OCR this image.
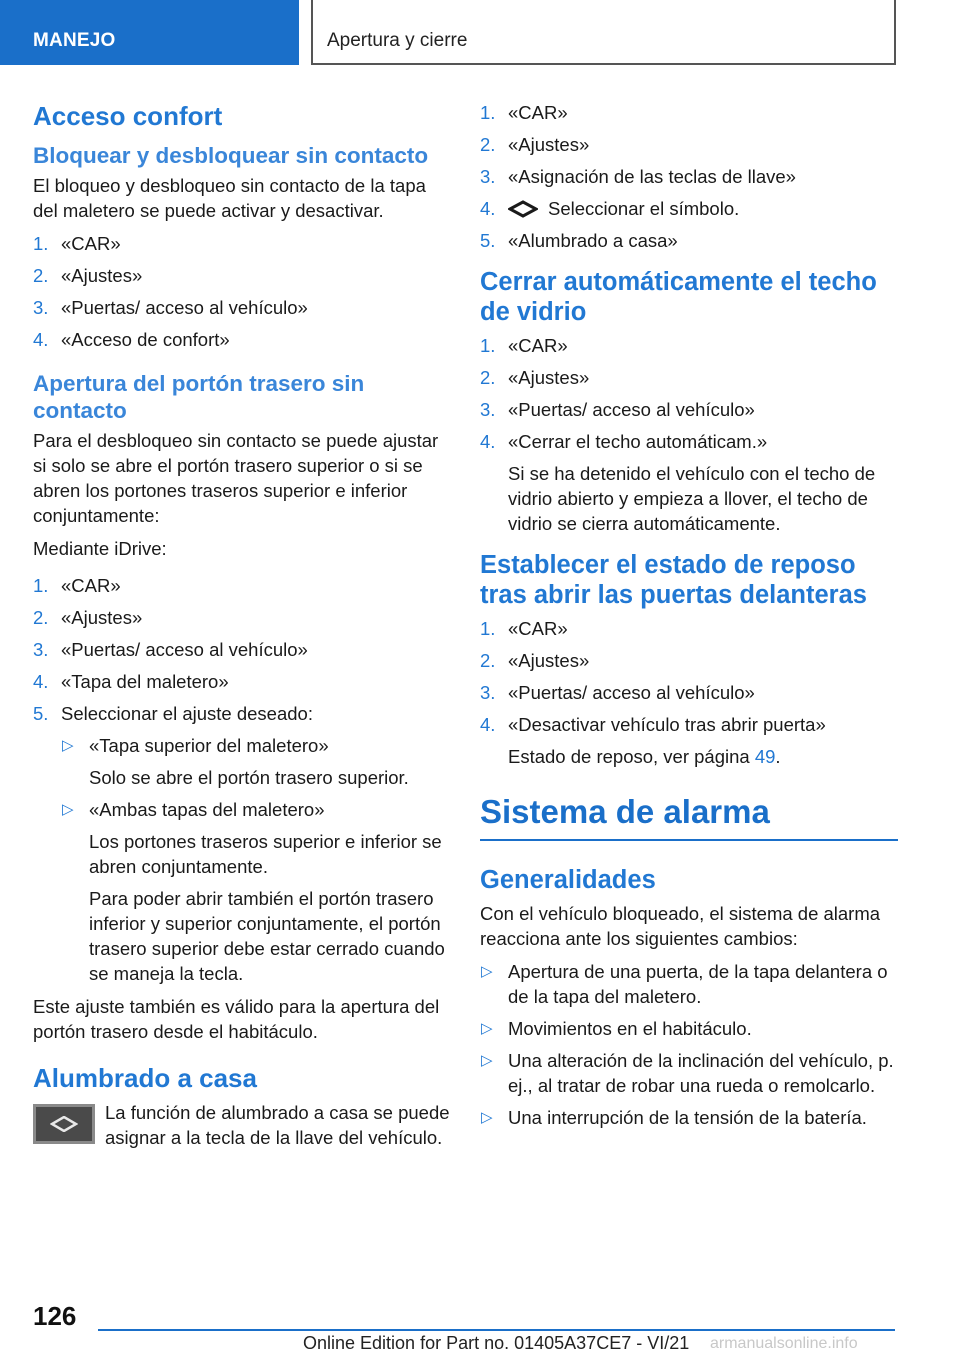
MANEJO	Apertura y cierre
Acceso confort
Bloquear y desbloquear sin contacto

El bloqueo y desbloqueo sin contacto de la tapa del maletero se puede activar y desactivar.

1. «CAR»
2. «Ajustes»
3. «Puertas/ acceso al vehículo»
4. «Acceso de confort»
Apertura del portón trasero sin contacto

Para el desbloqueo sin contacto se puede ajustar si solo se abre el portón trasero superior o si se abren los portones traseros superior e inferior conjuntamente:

Mediante iDrive:

1. «CAR»
2. «Ajustes»
3. «Puertas/ acceso al vehículo»
4. «Tapa del maletero»
5. Seleccionar el ajuste deseado:
▷ «Tapa superior del maletero»
Solo se abre el portón trasero superior.
▷ «Ambas tapas del maletero»
Los portones traseros superior e inferior se abren conjuntamente.
Para poder abrir también el portón trasero inferior y superior conjuntamente, el portón trasero superior debe estar cerrado cuando se maneja la tecla.

Este ajuste también es válido para la apertura del portón trasero desde el habitáculo.

Alumbrado a casa

La función de alumbrado a casa se puede asignar a la tecla de la llave del vehículo.

1. «CAR»
2. «Ajustes»
3. «Asignación de las teclas de llave»
4.	Seleccionar el símbolo.
5. «Alumbrado a casa»
Cerrar automáticamente el techo de vidrio
1. «CAR»
2. «Ajustes»
3. «Puertas/ acceso al vehículo»
4. «Cerrar el techo automáticam.»
Si se ha detenido el vehículo con el techo de vidrio abierto y empieza a llover, el techo de vidrio se cierra automáticamente.
Establecer el estado de reposo tras abrir las puertas delanteras
1. «CAR»
2. «Ajustes»
3. «Puertas/ acceso al vehículo»
4. «Desactivar vehículo tras abrir puerta»
Estado de reposo, ver página 49.
Sistema de alarma
Generalidades

Con el vehículo bloqueado, el sistema de alarma reacciona ante los siguientes cambios:

▷ Apertura de una puerta, de la tapa delantera o de la tapa del maletero.
▷ Movimientos en el habitáculo.
▷ Una alteración de la inclinación del vehículo, p. ej., al tratar de robar una rueda o remolcarlo.
▷ Una interrupción de la tensión de la batería.
126
Online Edition for Part no. 01405A37CE7 - VI/21 armanualsonline.info
